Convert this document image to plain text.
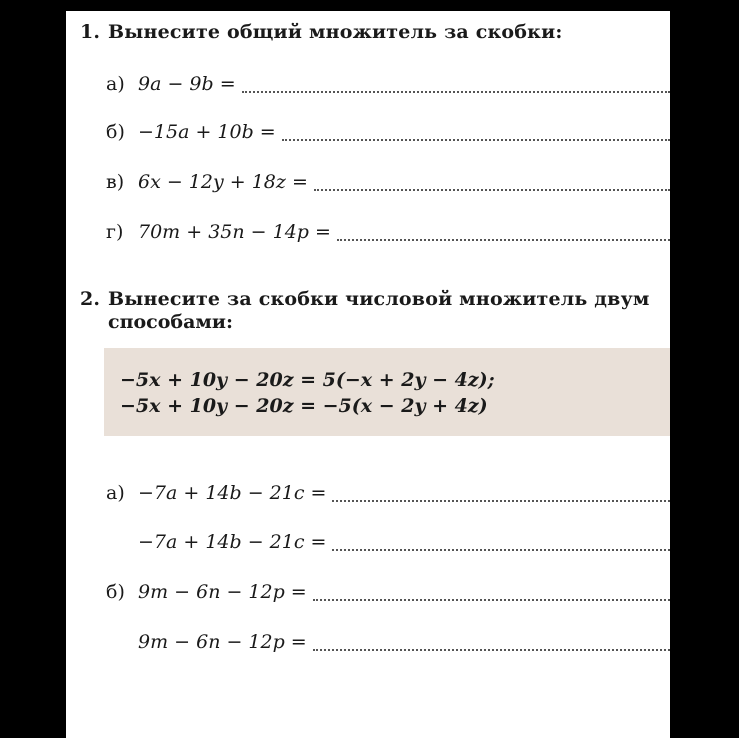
1. Вынесите общий множитель за скобки:
а) 9a − 9b =
б) −15a + 10b =
в) 6x − 12y + 18z =
г) 70m + 35n − 14p =
2. Вынесите за скобки числовой множитель двум
способами:
−5x + 10y − 20z = 5(−x + 2y − 4z);
−5x + 10y − 20z = −5(x − 2y + 4z)
а) −7a + 14b − 21c =
−7a + 14b − 21c =
б) 9m − 6n − 12p =
9m − 6n − 12p =
